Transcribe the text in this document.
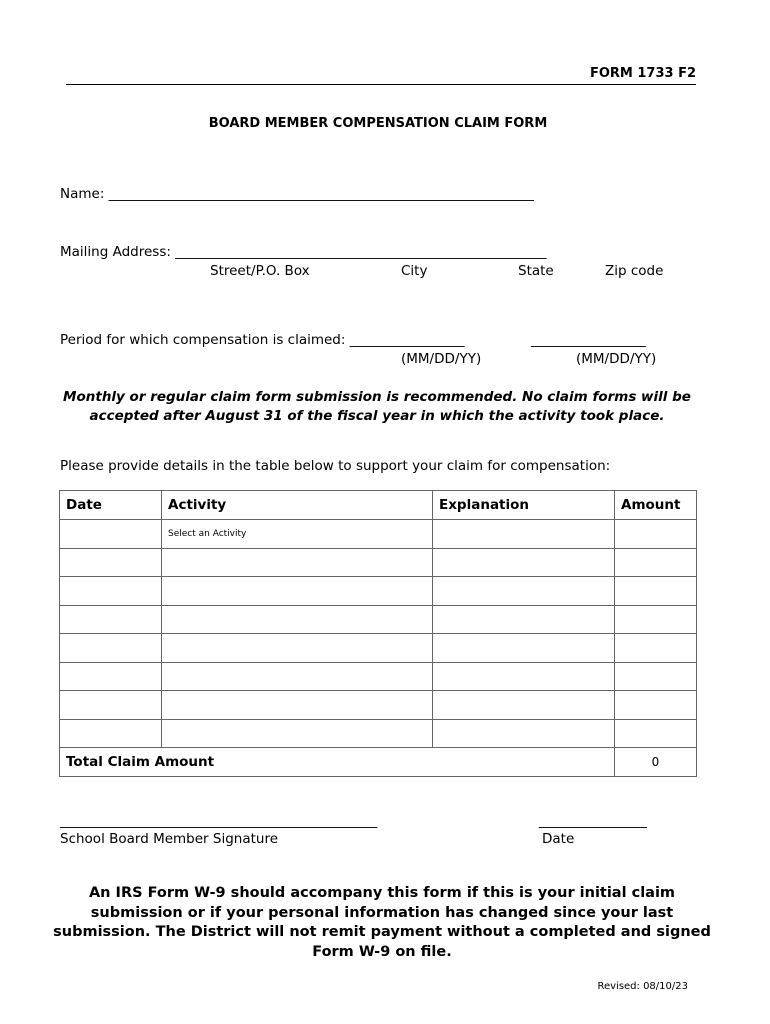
FORM 1733 F2
BOARD MEMBER COMPENSATION CLAIM FORM
Name: _______________________________________________________________
Mailing Address: _______________________________________________________
Street/P.O. Box	City	State	Zip code
Period for which compensation is claimed: _________________	_________________
(MM/DD/YY)	(MM/DD/YY)
Monthly or regular claim form submission is recommended. No claim forms will be accepted after August 31 of the fiscal year in which the activity took place.
Please provide details in the table below to support your claim for compensation:
Date	Activity	Explanation	Amount
	Select an Activity		

Total Claim Amount			0
_______________________________________________	________________
School Board Member Signature	Date
An IRS Form W-9 should accompany this form if this is your initial claim submission or if your personal information has changed since your last submission. The District will not remit payment without a completed and signed Form W-9 on file.
Revised: 08/10/23
